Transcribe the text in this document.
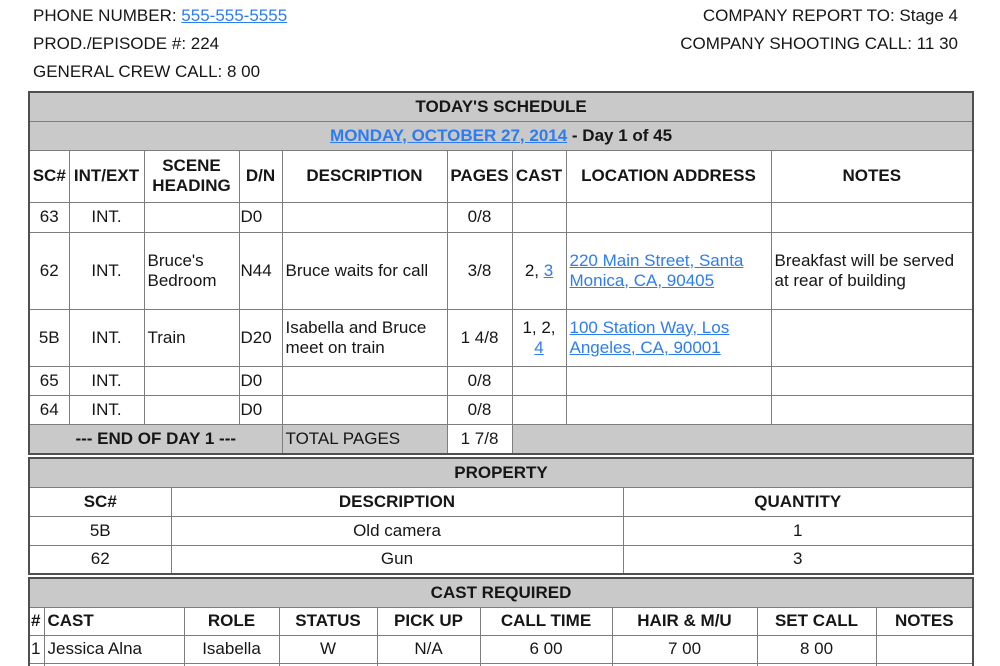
PHONE NUMBER: 555-555-5555
PROD./EPISODE #: 224
GENERAL CREW CALL: 8 00
COMPANY REPORT TO: Stage 4
COMPANY SHOOTING CALL: 11 30
TODAY'S SCHEDULE								
MONDAY, OCTOBER 27, 2014 - Day 1 of 45								
SC#	INT/EXT	SCENE HEADING	D/N	DESCRIPTION	PAGES	CAST	LOCATION ADDRESS	NOTES
63	INT.		D0		0/8			
62	INT.	Bruce's Bedroom	N44	Bruce waits for call	3/8	2, 3	220 Main Street, Santa Monica, CA, 90405	Breakfast will be served at rear of building
5B	INT.	Train	D20	Isabella and Bruce meet on train	1 4/8	1, 2, 4	100 Station Way, Los Angeles, CA, 90001	
65	INT.		D0		0/8			
64	INT.		D0		0/8			
--- END OF DAY 1 ---				TOTAL PAGES	1 7/8			
PROPERTY		
SC#	DESCRIPTION	QUANTITY
5B	Old camera	1
62	Gun	3
CAST REQUIRED								
#	CAST	ROLE	STATUS	PICK UP	CALL TIME	HAIR & M/U	SET CALL	NOTES
1	Jessica Alna	Isabella	W	N/A	6 00	7 00	8 00	
